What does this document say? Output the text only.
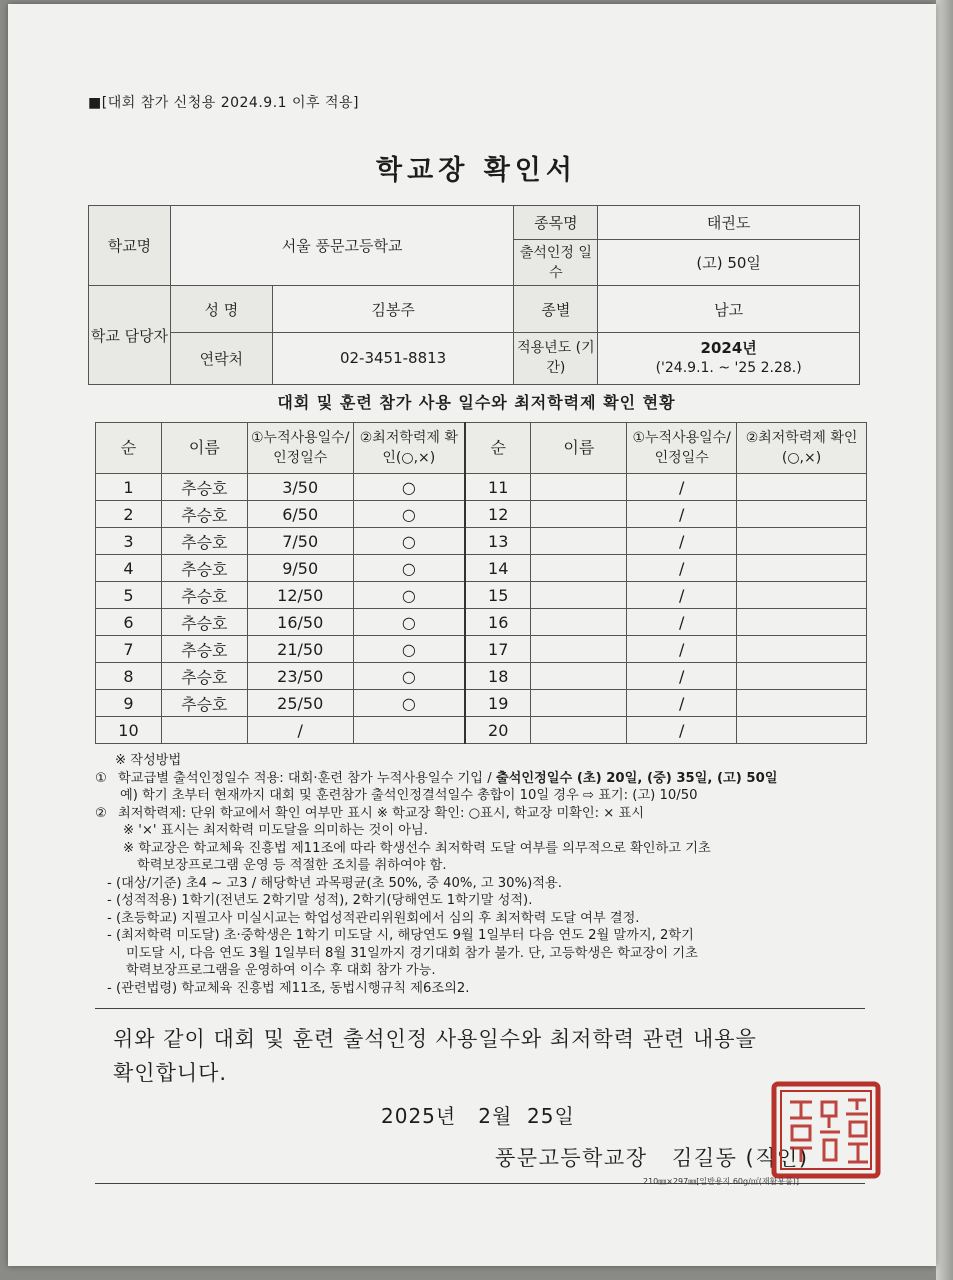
■[대회 참가 신청용 2024.9.1 이후 적용]
학교장 확인서
학교명	서울 풍문고등학교		종목명	태권도
			출석인정 일수	(고) 50일
학교 담당자	성 명	김봉주	종별	남고
	연락처	02-3451-8813	적용년도 (기간)	2024년
('24.9.1. ~ '25 2.28.)
대회 및 훈련 참가 사용 일수와 최저학력제 확인 현황
순	이름	①누적사용일수/인정일수	②최저학력제 확인(○,×)	순	이름	①누적사용일수/인정일수	②최저학력제 확인(○,×)
1	추승호	3/50	○	11		/	
2	추승호	6/50	○	12		/	
3	추승호	7/50	○	13		/	
4	추승호	9/50	○	14		/	
5	추승호	12/50	○	15		/	
6	추승호	16/50	○	16		/	
7	추승호	21/50	○	17		/	
8	추승호	23/50	○	18		/	
9	추승호	25/50	○	19		/	
10		/		20		/	

※ 작성방법

① 학교급별 출석인정일수 적용: 대회·훈련 참가 누적사용일수 기입 / 출석인정일수 (초) 20일, (중) 35일, (고) 50일

예) 학기 초부터 현재까지 대회 및 훈련참가 출석인정결석일수 총합이 10일 경우 ⇨ 표기: (고) 10/50

② 최저학력제: 단위 학교에서 확인 여부만 표시 ※ 학교장 확인: ○표시, 학교장 미확인: × 표시

※ '×' 표시는 최저학력 미도달을 의미하는 것이 아님.

※ 학교장은 학교체육 진흥법 제11조에 따라 학생선수 최저학력 도달 여부를 의무적으로 확인하고 기초

학력보장프로그램 운영 등 적절한 조치를 취하여야 함.

- (대상/기준) 초4 ~ 고3 / 해당학년 과목평균(초 50%, 중 40%, 고 30%)적용.

- (성적적용) 1학기(전년도 2학기말 성적), 2학기(당해연도 1학기말 성적).

- (초등학교) 지필고사 미실시교는 학업성적관리위원회에서 심의 후 최저학력 도달 여부 결정.

- (최저학력 미도달) 초·중학생은 1학기 미도달 시, 해당연도 9월 1일부터 다음 연도 2월 말까지, 2학기

미도달 시, 다음 연도 3월 1일부터 8월 31일까지 경기대회 참가 불가. 단, 고등학생은 학교장이 기초

학력보장프로그램을 운영하여 이수 후 대회 참가 가능.

- (관련법령) 학교체육 진흥법 제11조, 동법시행규칙 제6조의2.

위와 같이 대회 및 훈련 출석인정 사용일수와 최저학력 관련 내용을
확인합니다.
2025년   2월  25일
풍문고등학교장   김길동 (직인)
210㎜×297㎜[일반용지 60g/㎡(재활용품)]
